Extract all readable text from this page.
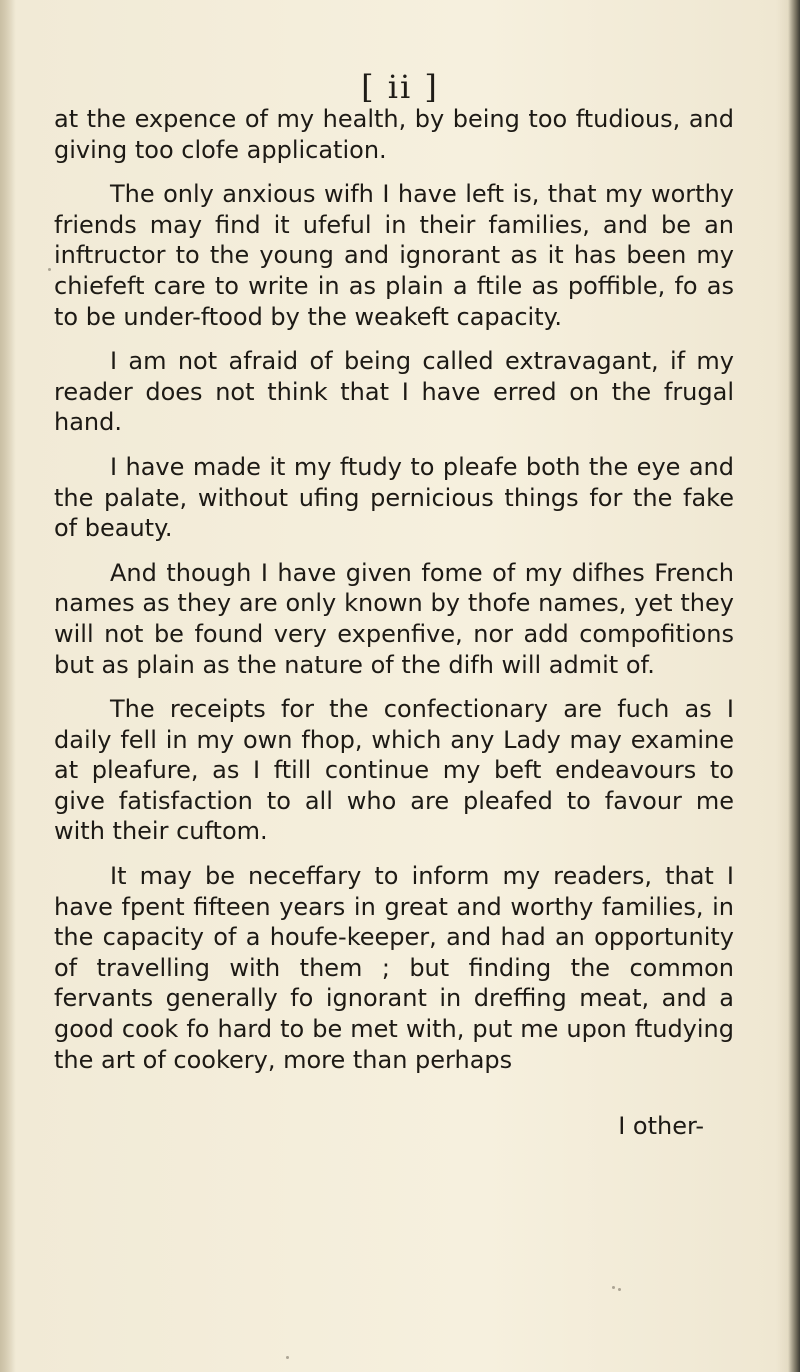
[ ii ]

at the expence of my health, by being too ftudious, and giving too clofe application.

The only anxious wifh I have left is, that my worthy friends may find it ufeful in their families, and be an inftructor to the young and ignorant as it has been my chiefeft care to write in as plain a ftile as poffible, fo as to be under-ftood by the weakeft capacity.

I am not afraid of being called extravagant, if my reader does not think that I have erred on the frugal hand.

I have made it my ftudy to pleafe both the eye and the palate, without ufing pernicious things for the fake of beauty.

And though I have given fome of my difhes French names as they are only known by thofe names, yet they will not be found very expenfive, nor add compofitions but as plain as the nature of the difh will admit of.

The receipts for the confectionary are fuch as I daily fell in my own fhop, which any Lady may examine at pleafure, as I ftill continue my beft endeavours to give fatisfaction to all who are pleafed to favour me with their cuftom.

It may be neceffary to inform my readers, that I have fpent fifteen years in great and worthy families, in the capacity of a houfe-keeper, and had an opportunity of travelling with them ; but finding the common fervants generally fo ignorant in dreffing meat, and a good cook fo hard to be met with, put me upon ftudying the art of cookery, more than perhaps

I other-
